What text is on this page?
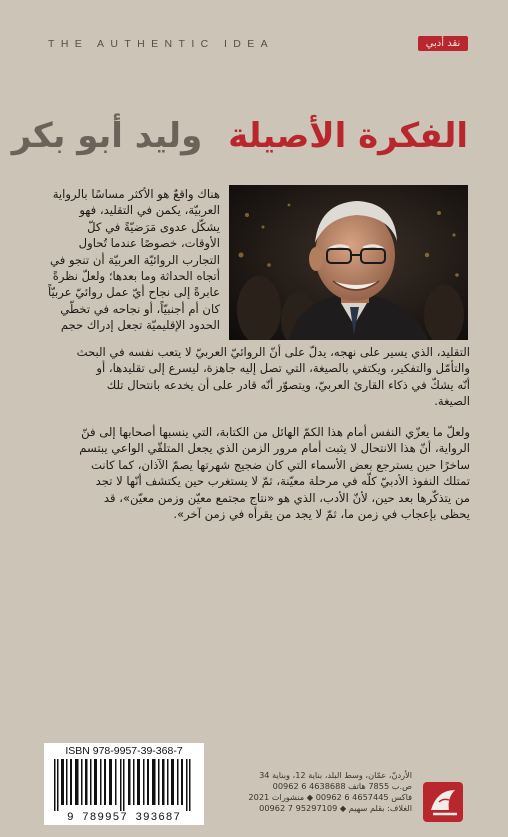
THE AUTHENTIC IDEA	نقد أدبي
الفكرة الأصيلة وليد أبو بكر
هناك واقعٌ هو الأكثر مساسًا بالرواية
العربيّة، يكمن في التقليد، فهو
يشكّل عدوى مَرَضيّةً في كلّ
الأوقات، خصوصًا عندما تُحاول
التجارب الروائيّة العربيّة أن تنجو في
أتجاه الحداثة وما بعدها؛ ولعلّ نظرةً
عابرةً إلى نجاح أيّ عمل روائيّ عربيّاً
كان أم أجنبيّاً، أو نجاحه في تخطّي
الحدود الإقليميّة تجعل إدراك حجم
التقليد، الذي يسير على نهجه، يدلّ على أنّ الروائيّ العربيّ لا يتعب نفسه في البحث
والتأمّل والتفكير، ويكتفي بالصيغة، التي تصل إليه جاهزة، ليسرع إلى تقليدها، أو
أنّه يشكّ في ذكاء القارئ العربيّ، ويتصوّر أنّه قادر على أن يخدعه بانتحال تلك
الصيغة.
ولعلّ ما يعزّي النفس أمام هذا الكمّ الهائل من الكتابة، التي ينسبها أصحابها إلى فنّ
الرواية، أنّ هذا الانتحال لا يثبت أمام مرور الزمن الذي يجعل المتلقّي الواعي يبتسم
ساخرًا حين يسترجع بعض الأسماء التي كان ضجيج شهرتها يصمّ الآذان، كما كانت
تمتلك النفوذ الأدبيّ كلّه في مرحلة معيّنة، ثمّ لا يستغرب حين يكتشف أنّها لا تجد
من يتذكّرها بعد حين، لأنّ الأدب، الذي هو «نتاج مجتمع معيّن وزمن معيّن»، قد
يحظى بإعجاب في زمن ما، ثمّ لا يجد من يقرأه في زمن آخر».
ISBN 978-9957-39-368-7
9 789957 393687
الأردنّ، عمّان، وسط البلد، بناية 12، وبناية 34
ص.ب 7855 هاتف 4638688 6 00962
فاكس 4657445 6 00962 ◆ منشورات 2021
الغلاف: بقلم سهيم ◆ 95297109 7 00962
